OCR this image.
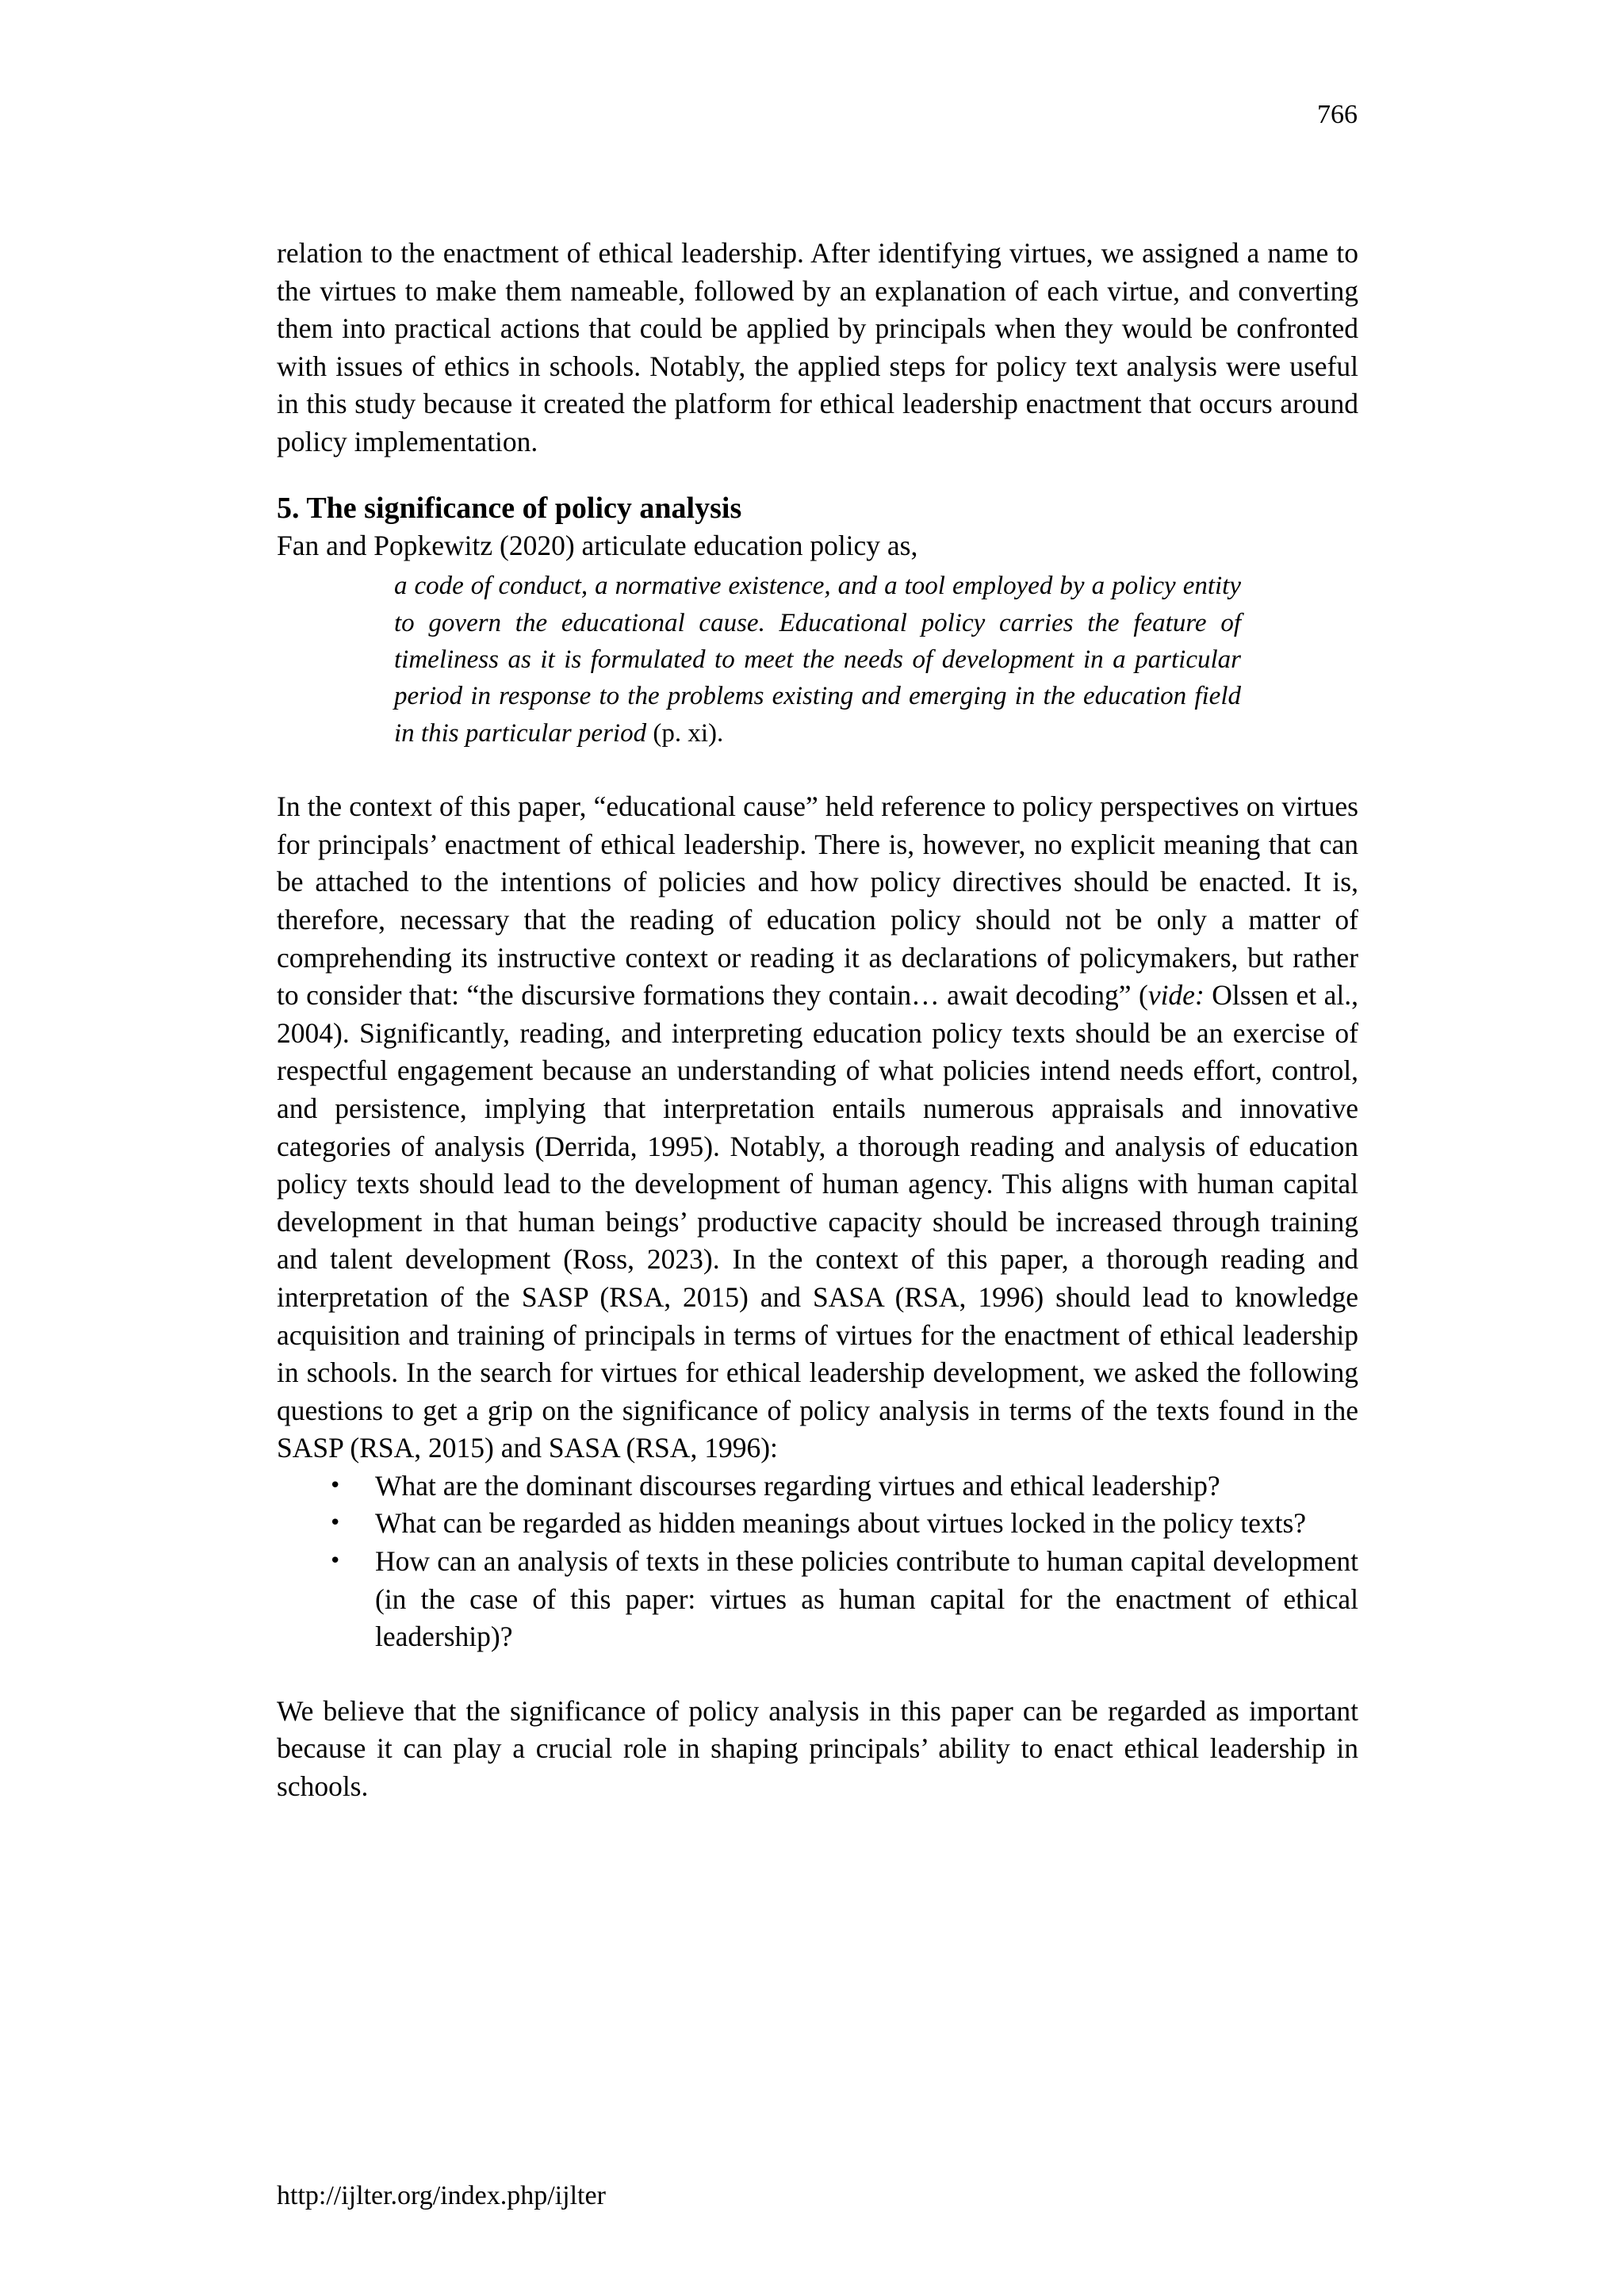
766

relation to the enactment of ethical leadership. After identifying virtues, we assigned a name to the virtues to make them nameable, followed by an explanation of each virtue, and converting them into practical actions that could be applied by principals when they would be confronted with issues of ethics in schools. Notably, the applied steps for policy text analysis were useful in this study because it created the platform for ethical leadership enactment that occurs around policy implementation.

5. The significance of policy analysis

Fan and Popkewitz (2020) articulate education policy as,

a code of conduct, a normative existence, and a tool employed by a policy entity to govern the educational cause. Educational policy carries the feature of timeliness as it is formulated to meet the needs of development in a particular period in response to the problems existing and emerging in the education field in this particular period (p. xi).

In the context of this paper, “educational cause” held reference to policy perspectives on virtues for principals’ enactment of ethical leadership. There is, however, no explicit meaning that can be attached to the intentions of policies and how policy directives should be enacted. It is, therefore, necessary that the reading of education policy should not be only a matter of comprehending its instructive context or reading it as declarations of policymakers, but rather to consider that: “the discursive formations they contain… await decoding” (vide: Olssen et al., 2004). Significantly, reading, and interpreting education policy texts should be an exercise of respectful engagement because an understanding of what policies intend needs effort, control, and persistence, implying that interpretation entails numerous appraisals and innovative categories of analysis (Derrida, 1995). Notably, a thorough reading and analysis of education policy texts should lead to the development of human agency. This aligns with human capital development in that human beings’ productive capacity should be increased through training and talent development (Ross, 2023). In the context of this paper, a thorough reading and interpretation of the SASP (RSA, 2015) and SASA (RSA, 1996) should lead to knowledge acquisition and training of principals in terms of virtues for the enactment of ethical leadership in schools. In the search for virtues for ethical leadership development, we asked the following questions to get a grip on the significance of policy analysis in terms of the texts found in the SASP (RSA, 2015) and SASA (RSA, 1996):

• What are the dominant discourses regarding virtues and ethical leadership?
• What can be regarded as hidden meanings about virtues locked in the policy texts?
• How can an analysis of texts in these policies contribute to human capital development (in the case of this paper: virtues as human capital for the enactment of ethical leadership)?

We believe that the significance of policy analysis in this paper can be regarded as important because it can play a crucial role in shaping principals’ ability to enact ethical leadership in schools.

http://ijlter.org/index.php/ijlter
